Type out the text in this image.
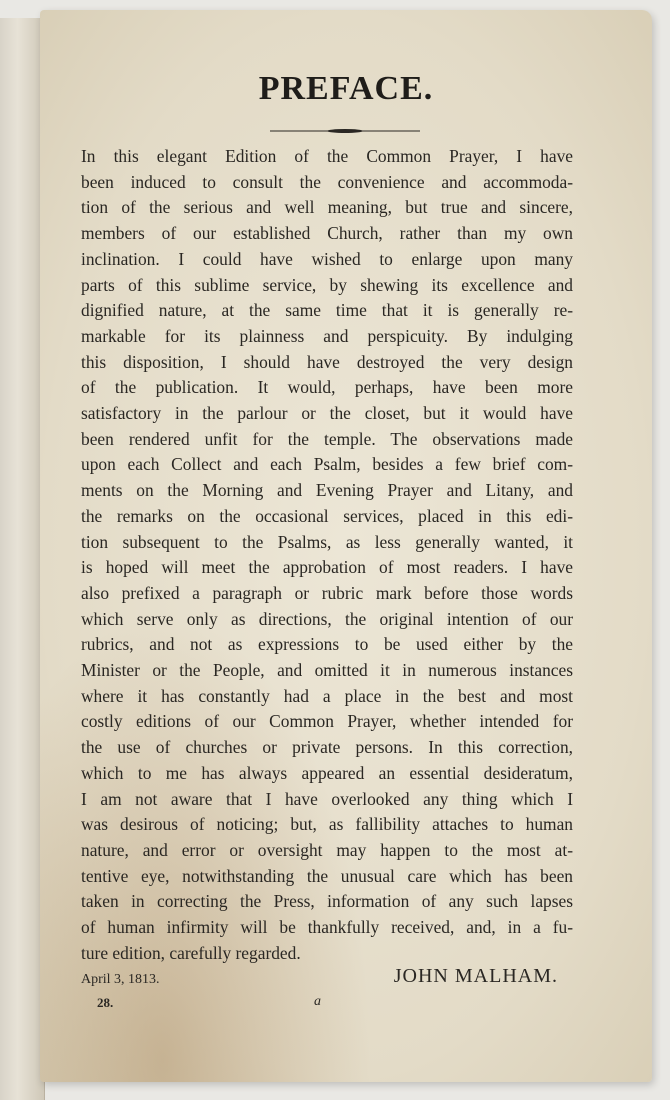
PREFACE.
In this elegant Edition of the Common Prayer, I have
been induced to consult the convenience and accommoda-
tion of the serious and well meaning, but true and sincere,
members of our established Church, rather than my own
inclination. I could have wished to enlarge upon many
parts of this sublime service, by shewing its excellence and
dignified nature, at the same time that it is generally re-
markable for its plainness and perspicuity. By indulging
this disposition, I should have destroyed the very design
of the publication. It would, perhaps, have been more
satisfactory in the parlour or the closet, but it would have
been rendered unfit for the temple. The observations made
upon each Collect and each Psalm, besides a few brief com-
ments on the Morning and Evening Prayer and Litany, and
the remarks on the occasional services, placed in this edi-
tion subsequent to the Psalms, as less generally wanted, it
is hoped will meet the approbation of most readers. I have
also prefixed a paragraph or rubric mark before those words
which serve only as directions, the original intention of our
rubrics, and not as expressions to be used either by the
Minister or the People, and omitted it in numerous instances
where it has constantly had a place in the best and most
costly editions of our Common Prayer, whether intended for
the use of churches or private persons. In this correction,
which to me has always appeared an essential desideratum,
I am not aware that I have overlooked any thing which I
was desirous of noticing; but, as fallibility attaches to human
nature, and error or oversight may happen to the most at-
tentive eye, notwithstanding the unusual care which has been
taken in correcting the Press, information of any such lapses
of human infirmity will be thankfully received, and, in a fu-
ture edition, carefully regarded.
April 3, 1813.	JOHN MALHAM.
28.	a
